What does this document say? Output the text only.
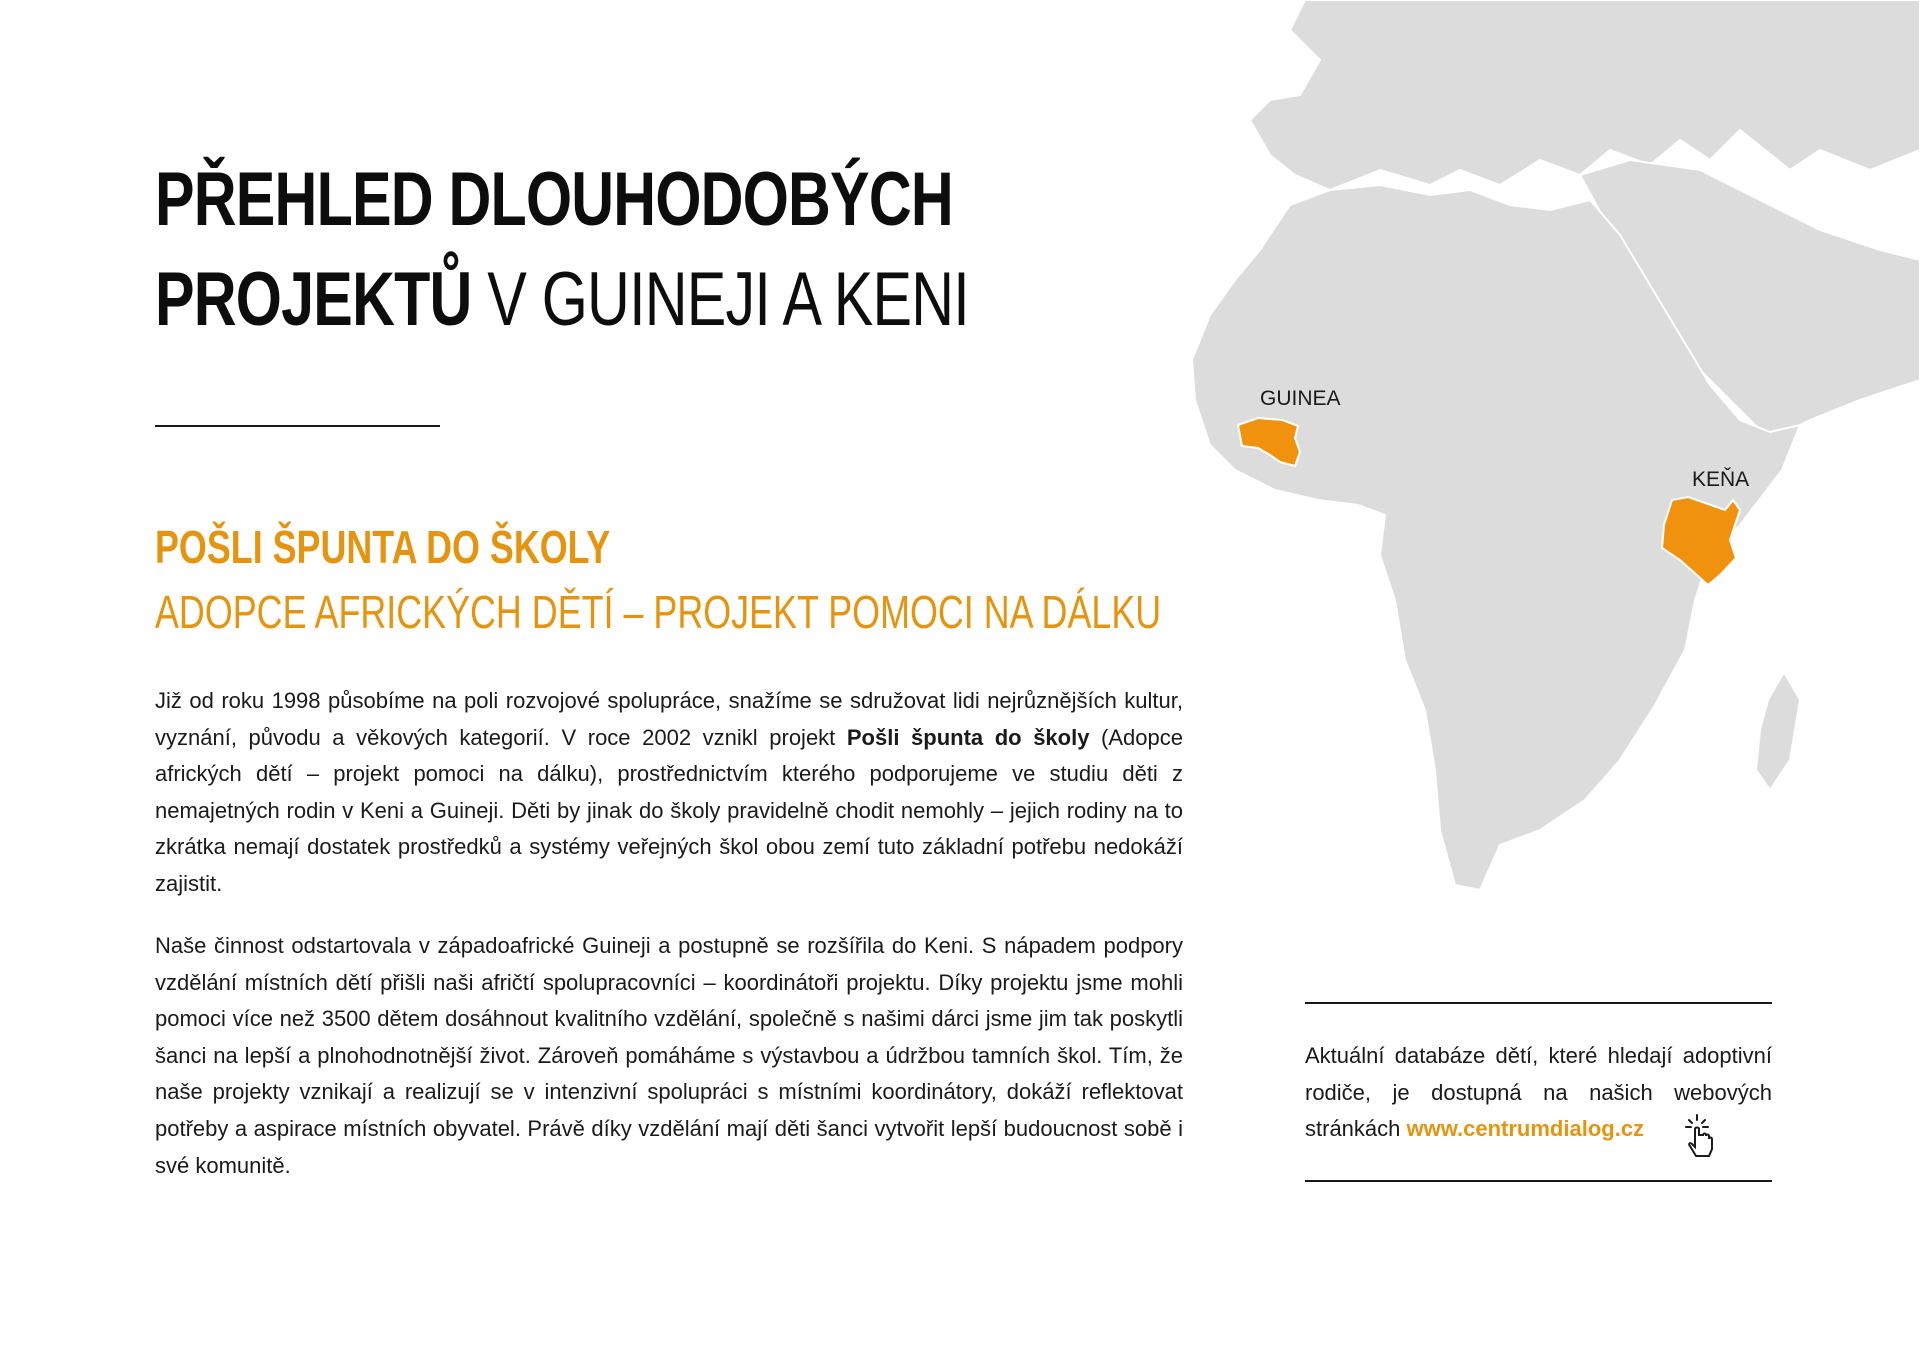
PŘEHLED DLOUHODOBÝCH
PROJEKTŮ V GUINEJI A KENI
POŠLI ŠPUNTA DO ŠKOLY
ADOPCE AFRICKÝCH DĚTÍ – PROJEKT POMOCI NA DÁLKU

Již od roku 1998 působíme na poli rozvojové spolupráce, snažíme se sdružovat lidi nejrůznějších kultur, vyznání, původu a věkových kategorií. V roce 2002 vznikl projekt Pošli špunta do školy (Adopce afrických dětí – projekt pomoci na dálku), prostřednictvím kterého podporujeme ve studiu děti z nemajetných rodin v Keni a Guineji. Děti by jinak do školy pravidelně chodit nemohly – jejich rodiny na to zkrátka nemají dostatek prostředků a systémy veřejných škol obou zemí tuto základní potřebu nedokáží zajistit.

Naše činnost odstartovala v západoafrické Guineji a postupně se rozšířila do Keni. S nápadem podpory vzdělání místních dětí přišli naši afričtí spolupracovníci – koordinátoři projektu. Díky projektu jsme mohli pomoci více než 3500 dětem dosáhnout kvalitního vzdělání, společně s našimi dárci jsme jim tak poskytli šanci na lepší a plnohodnotnější život. Zároveň pomáháme s výstavbou a údržbou tamních škol. Tím, že naše projekty vznikají a realizují se v intenzivní spolupráci s místními koordinátory, dokáží reflektovat potřeby a aspirace místních obyvatel. Právě díky vzdělání mají děti šanci vytvořit lepší budoucnost sobě i své komunitě.

GUINEA
KEŇA

Aktuální databáze dětí, které hledají adoptivní rodiče, je dostupná na našich webových stránkách www.centrumdialog.cz
